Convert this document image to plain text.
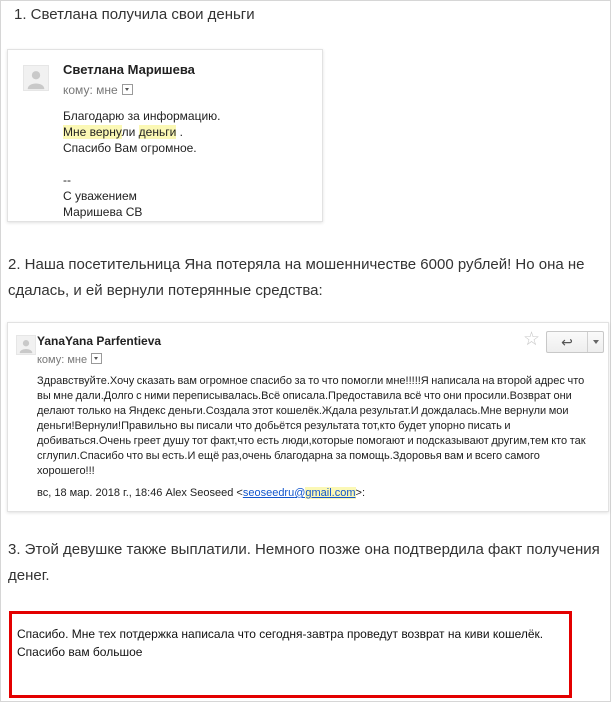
1. Светлана получила свои деньги
Светлана Маришева
кому: мне
Благодарю за информацию.
Мне вернули деньги .
Спасибо Вам огромное.
--
С уважением
Маришева СВ
2. Наша посетительница Яна потеряла на мошенничестве 6000 рублей! Но она не сдалась, и ей вернули потерянные средства:
YanaYana Parfentieva
кому: мне
☆	↩
Здравствуйте.Хочу сказать вам огромное спасибо за то что помогли мне!!!!!Я написала на второй адрес что вы мне дали.Долго с ними переписывалась.Всё описала.Предоставила всё что они просили.Возврат они делают только на Яндекс деньги.Создала этот кошелёк.Ждала результат.И дождалась.Мне вернули мои деньги!Вернули!Правильно вы писали что добьётся результата тот,кто будет упорно писать и добиваться.Очень греет душу тот факт,что есть люди,которые помогают и подсказывают другим,тем кто так сглупил.Спасибо что вы есть.И ещё раз,очень благодарна за помощь.Здоровья вам и всего самого хорошего!!!
вс, 18 мар. 2018 г., 18:46 Alex Seoseed <seoseedru@gmail.com>:
3. Этой девушке также выплатили. Немного позже она подтвердила факт получения денег.
Спасибо. Мне тех потдержка написала что сегодня-завтра проведут возврат на киви кошелёк.
Спасибо вам большое
